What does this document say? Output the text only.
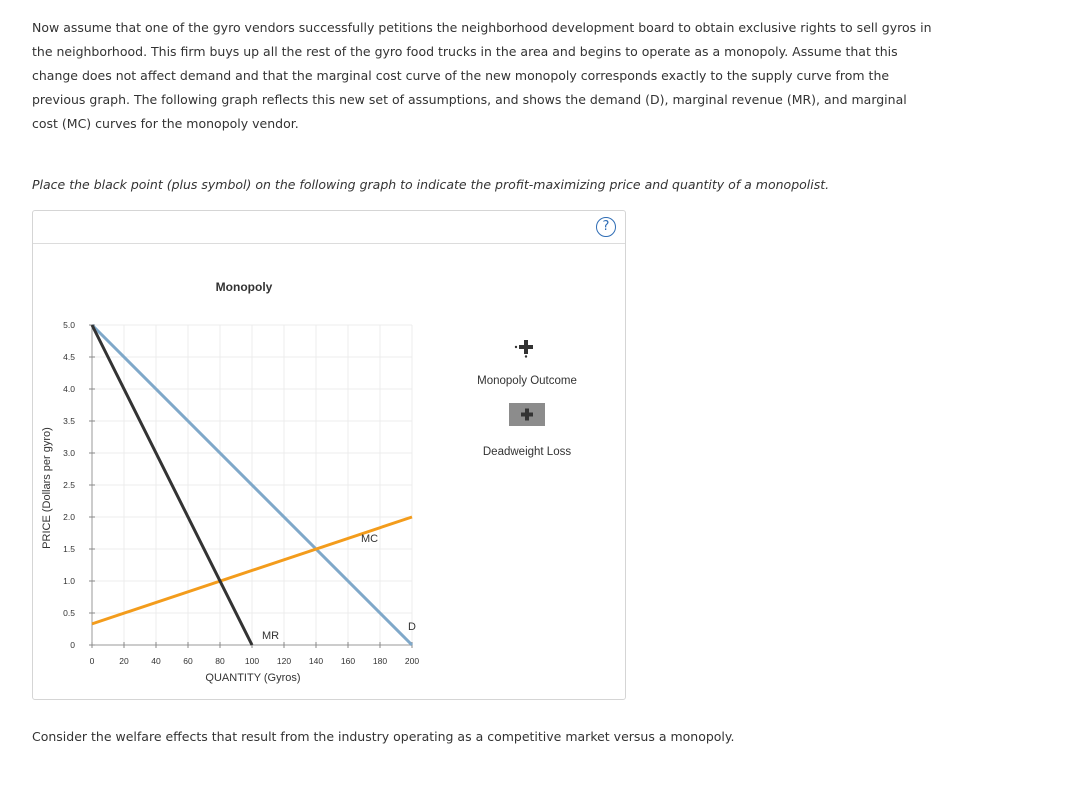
Now assume that one of the gyro vendors successfully petitions the neighborhood development board to obtain exclusive rights to sell gyros in the neighborhood. This firm buys up all the rest of the gyro food trucks in the area and begins to operate as a monopoly. Assume that this change does not affect demand and that the marginal cost curve of the new monopoly corresponds exactly to the supply curve from the previous graph. The following graph reflects this new set of assumptions, and shows the demand (D), marginal revenue (MR), and marginal cost (MC) curves for the monopoly vendor.

Place the black point (plus symbol) on the following graph to indicate the profit-maximizing price and quantity of a monopolist.

?
0	20	40	60	80 100 120 140 160 180 200
0
0.5
1.0
1.5
2.0
2.5
3.0
3.5
4.0
4.5
5.0
Monopoly
QUANTITY (Gyros)
PRICE (Dollars per gyro)	MC
MR
D
Monopoly Outcome
Deadweight Loss

Consider the welfare effects that result from the industry operating as a competitive market versus a monopoly.
